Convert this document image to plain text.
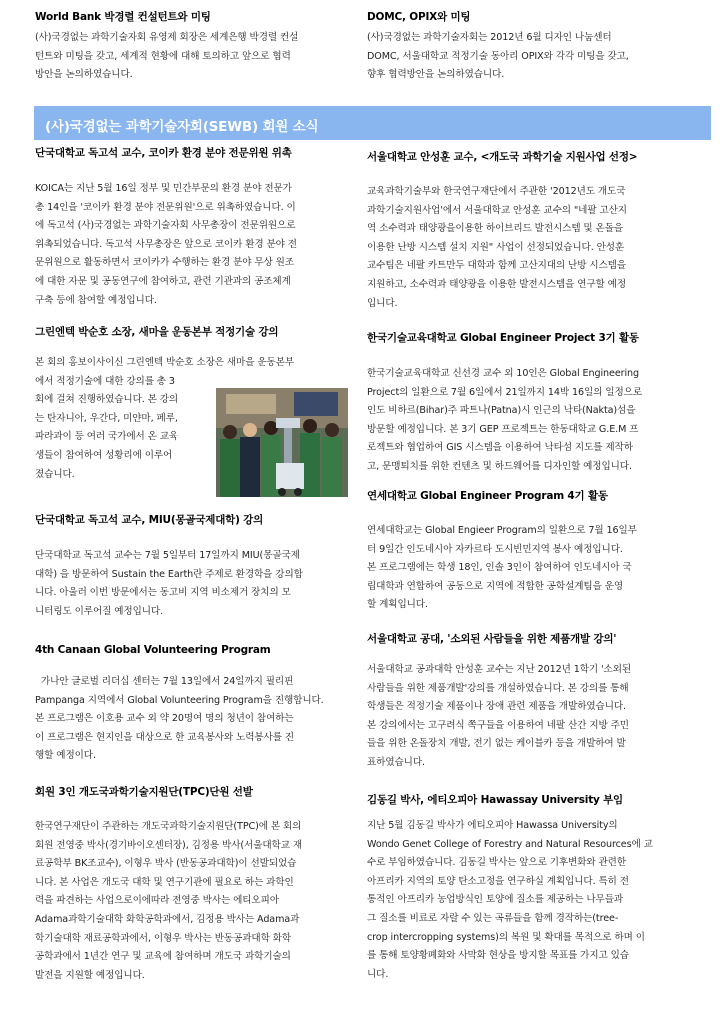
World Bank 박경렬 컨설턴트와 미팅

(사)국경없는 과학기술자회 유영제 회장은 세계은행 박경렬 컨설

턴트와 미팅을 갖고, 세계적 현황에 대해 토의하고 앞으로 협력

방안을 논의하였습니다.

DOMC, OPIX와 미팅

(사)국경없는 과학기술자회는 2012년 6월 디자인 나눔센터

DOMC, 서울대학교 적정기술 동아리 OPIX와 각각 미팅을 갖고,

향후 협력방안을 논의하였습니다.

(사)국경없는 과학기술자회(SEWB) 회원 소식

단국대학교 독고석 교수, 코이카 환경 분야 전문위원 위촉

KOICA는 지난 5월 16일 정부 및 민간부문의 환경 분야 전문가

총 14인을 '코이카 환경 분야 전문위원'으로 위촉하였습니다. 이

에 독고석 (사)국경없는 과학기술자회 사무총장이 전문위원으로

위촉되었습니다. 독고석 사무총장은 앞으로 코이카 환경 분야 전

문위원으로 활동하면서 코이카가 수행하는 환경 분야 무상 원조

에 대한 자문 및 공동연구에 참여하고, 관련 기관과의 공조체계

구축 등에 참여할 예정입니다.

그린엔텍 박순호 소장, 새마을 운동본부 적정기술 강의

본 회의 홍보이사이신 그린엔텍 박순호 소장은 새마을 운동본부

에서 적정기술에 대한 강의를 총 3

회에 걸쳐 진행하였습니다. 본 강의

는 탄자니아, 우간다, 미얀마, 페루,

파라과이 등 여러 국가에서 온 교육

생들이 참여하여 성황리에 이루어

졌습니다.

단국대학교 독고석 교수, MIU(몽골국제대학) 강의

단국대학교 독고석 교수는 7월 5일부터 17일까지 MIU(몽골국제

대학) 을 방문하여 Sustain the Earth란 주제로 환경학을 강의합

니다. 아울러 이번 방문에서는 동고비 지역 비소제거 장치의 모

니터링도 이루어질 예정입니다.

4th Canaan Global Volunteering Program

가나안 글로벌 리더십 센터는 7월 13일에서 24일까지 필리핀

Pampanga 지역에서 Global Volunteering Program을 진행합니다.

본 프로그램은 이호용 교수 외 약 20명여 명의 청년이 참여하는

이 프로그램은 현지인을 대상으로 한 교육봉사와 노력봉사를 진

행할 예정이다.

회원 3인 개도국과학기술지원단(TPC)단원 선발

한국연구재단이 주관하는 개도국과학기술지원단(TPC)에 본 회의

회원 전영중 박사(경기바이오센터장), 김정용 박사(서울대학교 재

료공학부 BK조교수), 이형우 박사 (반동공과대학)이 선발되었습

니다. 본 사업은 개도국 대학 및 연구기관에 필요로 하는 과학인

력을 파견하는 사업으로이에따라 전영중 박사는 에티오피아

Adama과학기술대학 화학공학과에서, 김정용 박사는 Adama과

학기술대학 재료공학과에서, 이형우 박사는 반동공과대학 화학

공학과에서 1년간 연구 및 교육에 참여하며 개도국 과학기술의

발전을 지원할 예정입니다.

서울대학교 안성훈 교수, <개도국 과학기술 지원사업 선정>

교육과학기술부와 한국연구재단에서 주관한 '2012년도 개도국

과학기술지원사업'에서 서울대학교 안성훈 교수의 "네팔 고산지

역 소수력과 태양광을이용한 하이브리드 발전시스템 및 온돌을

이용한 난방 시스템 설치 지원" 사업이 선정되었습니다. 안성훈

교수팀은 네팔 카트만두 대학과 함께 고산지대의 난방 시스템을

지원하고, 소수력과 태양광을 이용한 발전시스템을 연구할 예정

입니다.

한국기술교육대학교 Global Engineer Project 3기 활동

한국기술교육대학교 신선경 교수 외 10인은 Global Engineering

Project의 일환으로 7월 6일에서 21일까지 14박 16일의 일정으로

인도 비하르(Bihar)주 파트나(Patna)시 인근의 낙타(Nakta)섬을

방문할 예정입니다. 본 3기 GEP 프로젝트는 한동대학교 G.E.M 프

로젝트와 협업하여 GIS 시스템을 이용하여 낙타섬 지도를 제작하

고, 문맹퇴치를 위한 컨텐츠 및 하드웨어를 디자인할 예정입니다.

연세대학교 Global Engineer Program 4기 활동

연세대학교는 Global Engieer Program의 일환으로 7월 16일부

터 9일간 인도네시아 자카르타 도시빈민지역 봉사 예정입니다.

본 프로그램에는 학생 18인, 인솔 3인이 참여하여 인도네시아 국

립대학과 연합하여 공동으로 지역에 적합한 공학설계팀을 운영

할 계획입니다.

서울대학교 공대, '소외된 사람들을 위한 제품개발 강의'

서울대학교 공과대학 안성훈 교수는 지난 2012년 1학기 '소외된

사람들을 위한 제품개발'강의를 개설하였습니다. 본 강의를 통해

학생들은 적정기술 제품이나 장애 관련 제품을 개발하였습니다.

본 강의에서는 고구려식 쪽구들을 이용하여 네팔 산간 지방 주민

들을 위한 온돌장치 개발, 전기 없는 케이블카 등을 개발하여 발

표하였습니다.

김동길 박사, 에티오피아 Hawassay University 부임

지난 5월 김동길 박사가 에티오피아 Hawassa University의

Wondo Genet College of Forestry and Natural Resources에 교

수로 부임하였습니다. 김동길 박사는 앞으로 기후변화와 관련한

아프리카 지역의 토양 탄소고정을 연구하실 계획입니다. 특히 전

통적인 아프리카 농업방식인 토양에 질소를 제공하는 나무들과

그 질소를 비료로 자랄 수 있는 곡류들을 함께 경작하는(tree-

crop intercropping systems)의 복원 및 확대를 목적으로 하며 이

를 통해 토양황폐화와 사막화 현상을 방지할 목표를 가지고 있습

니다.
